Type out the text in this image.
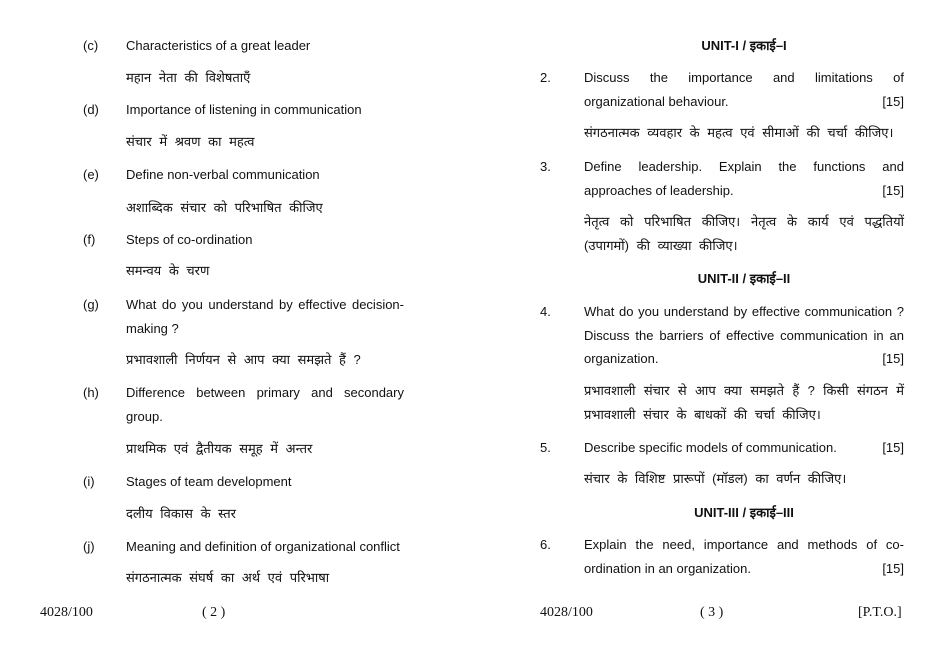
(c) Characteristics of a great leader
महान नेता की विशेषताएँ
(d) Importance of listening in communication
संचार में श्रवण का महत्व
(e) Define non-verbal communication
अशाब्दिक संचार को परिभाषित कीजिए
(f) Steps of co-ordination
समन्वय के चरण
(g) What do you understand by effective decision-making ?
प्रभावशाली निर्णयन से आप क्या समझते हैं ?
(h) Difference between primary and secondary group.
प्राथमिक एवं द्वैतीयक समूह में अन्तर
(i) Stages of team development
दलीय विकास के स्तर
(j) Meaning and definition of organizational conflict
संगठनात्मक संघर्ष का अर्थ एवं परिभाषा
4028/100	( 2 )
UNIT-I / इकाई–I
2.	Discuss the importance and limitations of organizational behaviour.	[15]
संगठनात्मक व्यवहार के महत्व एवं सीमाओं की चर्चा कीजिए।
3.	Define leadership. Explain the functions and approaches of leadership.	[15]
नेतृत्व को परिभाषित कीजिए। नेतृत्व के कार्य एवं पद्धतियों (उपागमों) की व्याख्या कीजिए।
UNIT-II / इकाई–II
4.	What do you understand by effective communication ? Discuss the barriers of effective communication in an organization.	[15]
प्रभावशाली संचार से आप क्या समझते हैं ? किसी संगठन में प्रभावशाली संचार के बाधकों की चर्चा कीजिए।
5.	Describe specific models of communication.	[15]
संचार के विशिष्ट प्रारूपों (मॉडल) का वर्णन कीजिए।
UNIT-III / इकाई–III
6.	Explain the need, importance and methods of co-ordination in an organization.	[15]
4028/100	( 3 )	[P.T.O.]
